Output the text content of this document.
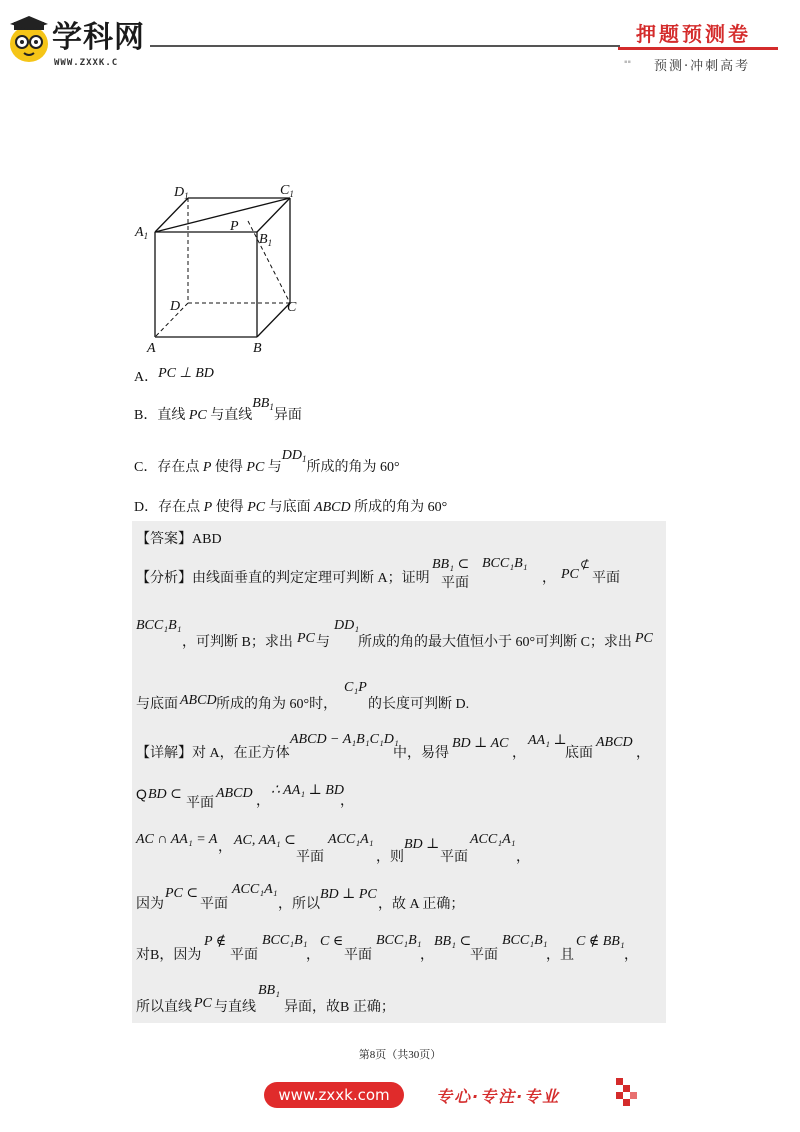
学科网
WWW.ZXXK.C
押题预测卷
▪▪ 预测·冲刺高考
$D_1$	$C_1$
$A_1$	$B_1$
P
D	C
A	B
A．PC ⊥ BD
B．直线 PC 与直线$BB^1$异面
C．存在点 P 使得 PC 与$DD^1$所成的角为 60°
D．存在点 P 使得 PC 与底面 ABCD 所成的角为 60°
【答案】ABD
【分析】由线面垂直的判定定理可判断 A；证明
BB₁ ⊂
平面
BCC₁B₁
， PC
⊄
平面
BCC₁B₁
，可判断 B；求出 PC 与
DD₁
所成的角的最大值恒小于 60°可判断 C；求出 PC
与底面 ABCD 所成的角为 60°时，
C₁P
的长度可判断 D.
【详解】对 A，在正方体
ABCD − A₁B₁C₁D₁
中，易得
BD ⊥ AC
，
AA₁ ⊥
底面
ABCD
，
Q BD ⊂
平面
ABCD
，
∴ AA₁ ⊥ BD
，
AC ∩ AA₁ = A
， AC, AA₁ ⊂
平面
ACC₁A₁
，则
BD ⊥
平面
ACC₁A₁
，
因为
PC ⊂
平面
ACC₁A₁
，所以
BD ⊥ PC
，故 A 正确；
对B，因为
P ∉
平面
BCC₁B₁
，
C ∈
平面
BCC₁B₁
，
BB₁ ⊂
平面
BCC₁B₁
，且
C ∉ BB₁
，
所以直线 PC 与直线
BB₁
异面，故B 正确；
第8页（共30页）
www.zxxk.com	专心·专注·专业
